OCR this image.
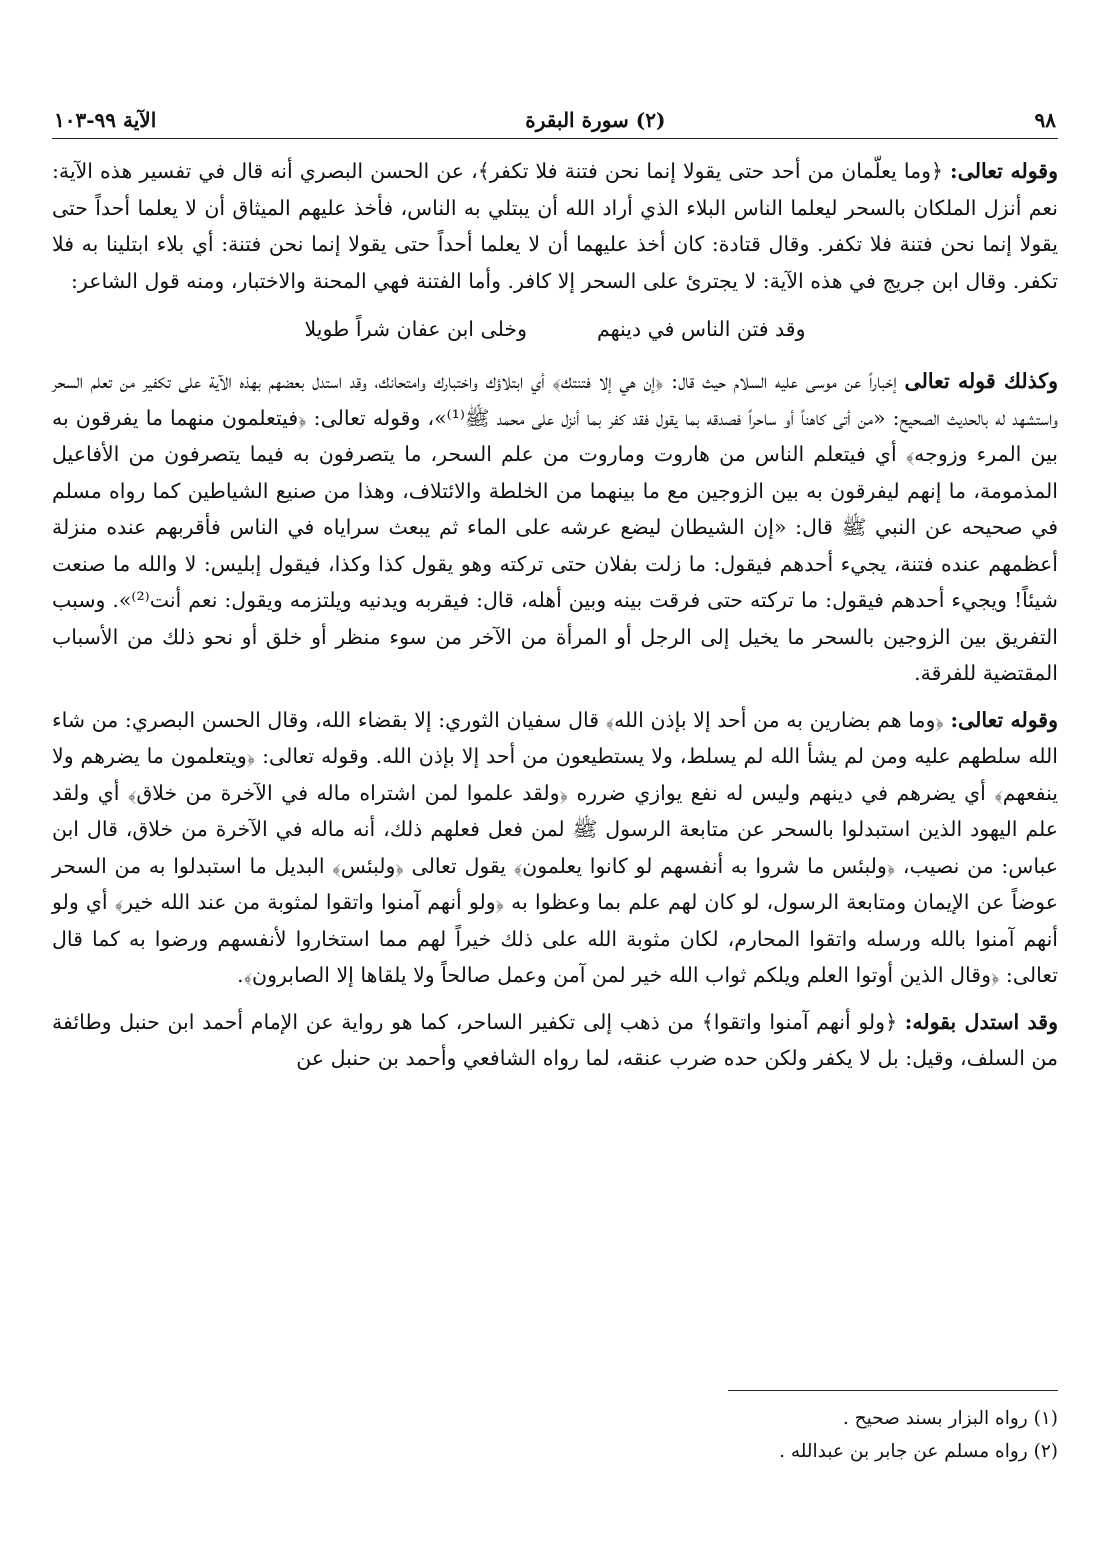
٩٨
(٢) سورة البقرة
الآية ٩٩-١٠٣

وقوله تعالى: ﴿وما يعلّمان من أحد حتى يقولا إنما نحن فتنة فلا تكفر﴾، عن الحسن البصري أنه قال في تفسير هذه الآية: نعم أنزل الملكان بالسحر ليعلما الناس البلاء الذي أراد الله أن يبتلي به الناس، فأخذ عليهم الميثاق أن لا يعلما أحداً حتى يقولا إنما نحن فتنة فلا تكفر. وقال قتادة: كان أخذ عليهما أن لا يعلما أحداً حتى يقولا إنما نحن فتنة: أي بلاء ابتلينا به فلا تكفر. وقال ابن جريج في هذه الآية: لا يجترئ على السحر إلا كافر. وأما الفتنة فهي المحنة والاختبار، ومنه قول الشاعر:

وقد فتن الناس في دينهم
وخلى ابن عفان شراً طويلا

وكذلك قوله تعالى إخباراً عن موسى عليه السلام حيث قال: ﴿إن هي إلا فتنتك﴾ أي ابتلاؤك واختبارك وامتحانك، وقد استدل بعضهم بهذه الآية على تكفير من تعلم السحر واستشهد له بالحديث الصحيح: «من أتى كاهناً أو ساحراً فصدقه بما يقول فقد كفر بما أنزل على محمد ﷺ⁽¹⁾»، وقوله تعالى: ﴿فيتعلمون منهما ما يفرقون به بين المرء وزوجه﴾ أي فيتعلم الناس من هاروت وماروت من علم السحر، ما يتصرفون به فيما يتصرفون من الأفاعيل المذمومة، ما إنهم ليفرقون به بين الزوجين مع ما بينهما من الخلطة والائتلاف، وهذا من صنيع الشياطين كما رواه مسلم في صحيحه عن النبي ﷺ قال: «إن الشيطان ليضع عرشه على الماء ثم يبعث سراياه في الناس فأقربهم عنده منزلة أعظمهم عنده فتنة، يجيء أحدهم فيقول: ما زلت بفلان حتى تركته وهو يقول كذا وكذا، فيقول إبليس: لا والله ما صنعت شيئاً! ويجيء أحدهم فيقول: ما تركته حتى فرقت بينه وبين أهله، قال: فيقربه ويدنيه ويلتزمه ويقول: نعم أنت⁽²⁾». وسبب التفريق بين الزوجين بالسحر ما يخيل إلى الرجل أو المرأة من الآخر من سوء منظر أو خلق أو نحو ذلك من الأسباب المقتضية للفرقة.

وقوله تعالى: ﴿وما هم بضارين به من أحد إلا بإذن الله﴾ قال سفيان الثوري: إلا بقضاء الله، وقال الحسن البصري: من شاء الله سلطهم عليه ومن لم يشأ الله لم يسلط، ولا يستطيعون من أحد إلا بإذن الله. وقوله تعالى: ﴿ويتعلمون ما يضرهم ولا ينفعهم﴾ أي يضرهم في دينهم وليس له نفع يوازي ضرره ﴿ولقد علموا لمن اشتراه ماله في الآخرة من خلاق﴾ أي ولقد علم اليهود الذين استبدلوا بالسحر عن متابعة الرسول ﷺ لمن فعل فعلهم ذلك، أنه ماله في الآخرة من خلاق، قال ابن عباس: من نصيب، ﴿ولبئس ما شروا به أنفسهم لو كانوا يعلمون﴾ يقول تعالى ﴿ولبئس﴾ البديل ما استبدلوا به من السحر عوضاً عن الإيمان ومتابعة الرسول، لو كان لهم علم بما وعظوا به ﴿ولو أنهم آمنوا واتقوا لمثوبة من عند الله خير﴾ أي ولو أنهم آمنوا بالله ورسله واتقوا المحارم، لكان مثوبة الله على ذلك خيراً لهم مما استخاروا لأنفسهم ورضوا به كما قال تعالى: ﴿وقال الذين أوتوا العلم ويلكم ثواب الله خير لمن آمن وعمل صالحاً ولا يلقاها إلا الصابرون﴾.

وقد استدل بقوله: ﴿ولو أنهم آمنوا واتقوا﴾ من ذهب إلى تكفير الساحر، كما هو رواية عن الإمام أحمد ابن حنبل وطائفة من السلف، وقيل: بل لا يكفر ولكن حده ضرب عنقه، لما رواه الشافعي وأحمد بن حنبل عن

(١) رواه البزار بسند صحيح .

(٢) رواه مسلم عن جابر بن عبدالله .
